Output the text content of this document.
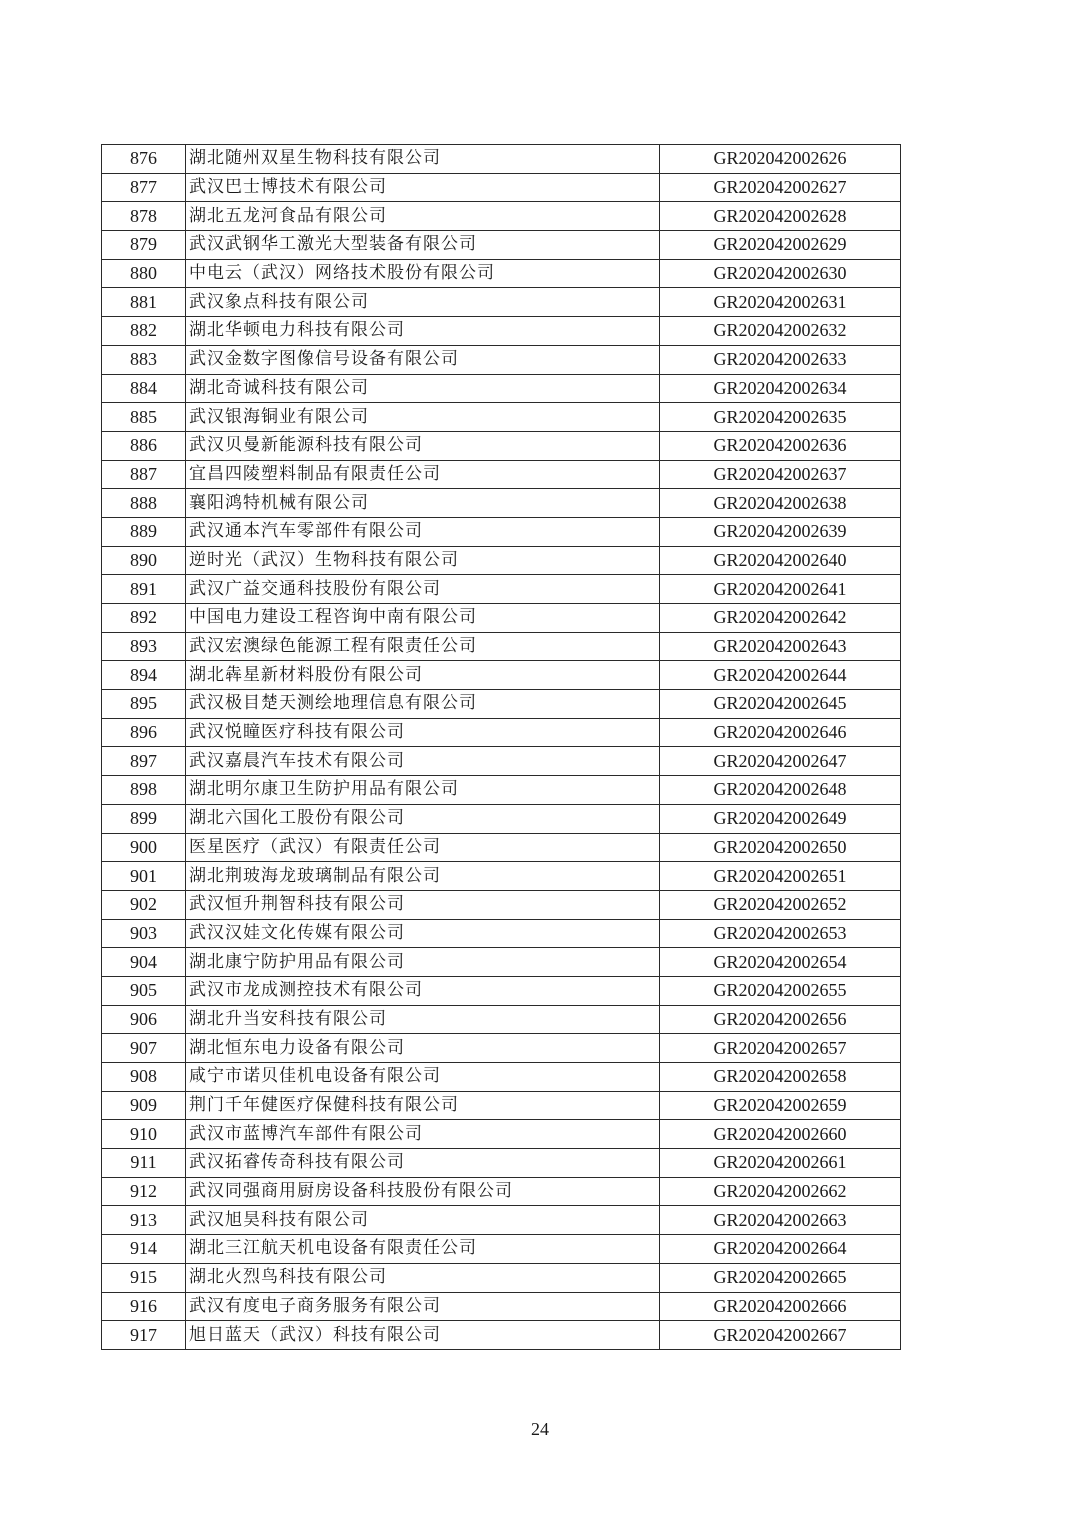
876	湖北随州双星生物科技有限公司	GR202042002626
877	武汉巴士博技术有限公司	GR202042002627
878	湖北五龙河食品有限公司	GR202042002628
879	武汉武钢华工激光大型装备有限公司	GR202042002629
880	中电云（武汉）网络技术股份有限公司	GR202042002630
881	武汉象点科技有限公司	GR202042002631
882	湖北华顿电力科技有限公司	GR202042002632
883	武汉金数字图像信号设备有限公司	GR202042002633
884	湖北奇诚科技有限公司	GR202042002634
885	武汉银海铜业有限公司	GR202042002635
886	武汉贝曼新能源科技有限公司	GR202042002636
887	宜昌四陵塑料制品有限责任公司	GR202042002637
888	襄阳鸿特机械有限公司	GR202042002638
889	武汉通本汽车零部件有限公司	GR202042002639
890	逆时光（武汉）生物科技有限公司	GR202042002640
891	武汉广益交通科技股份有限公司	GR202042002641
892	中国电力建设工程咨询中南有限公司	GR202042002642
893	武汉宏澳绿色能源工程有限责任公司	GR202042002643
894	湖北犇星新材料股份有限公司	GR202042002644
895	武汉极目楚天测绘地理信息有限公司	GR202042002645
896	武汉悦瞳医疗科技有限公司	GR202042002646
897	武汉嘉晨汽车技术有限公司	GR202042002647
898	湖北明尔康卫生防护用品有限公司	GR202042002648
899	湖北六国化工股份有限公司	GR202042002649
900	医星医疗（武汉）有限责任公司	GR202042002650
901	湖北荆玻海龙玻璃制品有限公司	GR202042002651
902	武汉恒升荆智科技有限公司	GR202042002652
903	武汉汉娃文化传媒有限公司	GR202042002653
904	湖北康宁防护用品有限公司	GR202042002654
905	武汉市龙成测控技术有限公司	GR202042002655
906	湖北升当安科技有限公司	GR202042002656
907	湖北恒东电力设备有限公司	GR202042002657
908	咸宁市诺贝佳机电设备有限公司	GR202042002658
909	荆门千年健医疗保健科技有限公司	GR202042002659
910	武汉市蓝博汽车部件有限公司	GR202042002660
911	武汉拓睿传奇科技有限公司	GR202042002661
912	武汉同强商用厨房设备科技股份有限公司	GR202042002662
913	武汉旭昊科技有限公司	GR202042002663
914	湖北三江航天机电设备有限责任公司	GR202042002664
915	湖北火烈鸟科技有限公司	GR202042002665
916	武汉有度电子商务服务有限公司	GR202042002666
917	旭日蓝天（武汉）科技有限公司	GR202042002667
24
